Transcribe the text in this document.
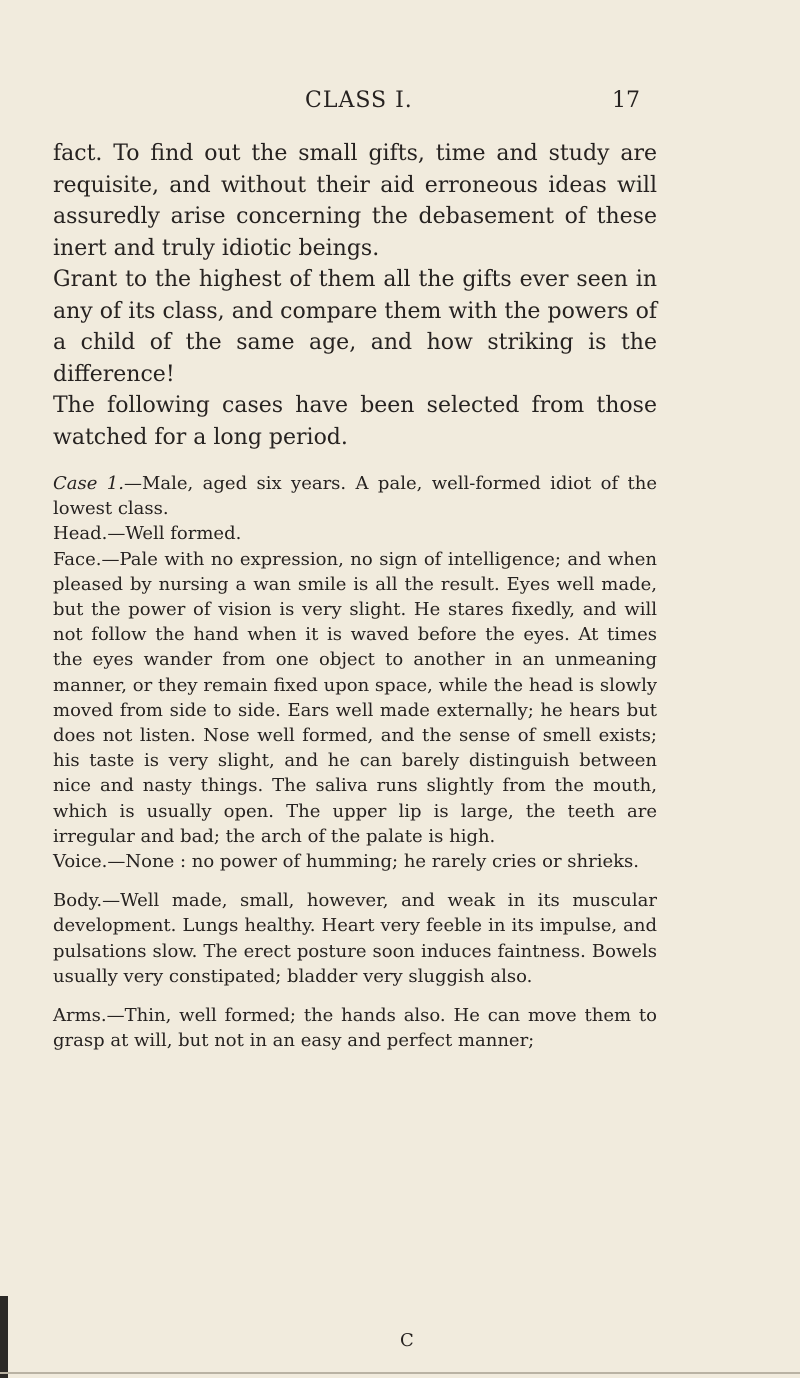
CLASS I.	17

fact. To find out the small gifts, time and study are requisite, and without their aid erroneous ideas will assuredly arise concerning the debasement of these inert and truly idiotic beings.

Grant to the highest of them all the gifts ever seen in any of its class, and compare them with the powers of a child of the same age, and how striking is the difference!

The following cases have been selected from those watched for a long period.

Case 1.—Male, aged six years. A pale, well-formed idiot of the lowest class.

Head.—Well formed.

Face.—Pale with no expression, no sign of intelligence; and when pleased by nursing a wan smile is all the result. Eyes well made, but the power of vision is very slight. He stares fixedly, and will not follow the hand when it is waved before the eyes. At times the eyes wander from one object to another in an unmeaning manner, or they remain fixed upon space, while the head is slowly moved from side to side. Ears well made externally; he hears but does not listen. Nose well formed, and the sense of smell exists; his taste is very slight, and he can barely distinguish between nice and nasty things. The saliva runs slightly from the mouth, which is usually open. The upper lip is large, the teeth are irregular and bad; the arch of the palate is high.

Voice.—None : no power of humming; he rarely cries or shrieks.

Body.—Well made, small, however, and weak in its muscular development. Lungs healthy. Heart very feeble in its impulse, and pulsations slow. The erect posture soon induces faintness. Bowels usually very constipated; bladder very sluggish also.

Arms.—Thin, well formed; the hands also. He can move them to grasp at will, but not in an easy and perfect manner;

C
